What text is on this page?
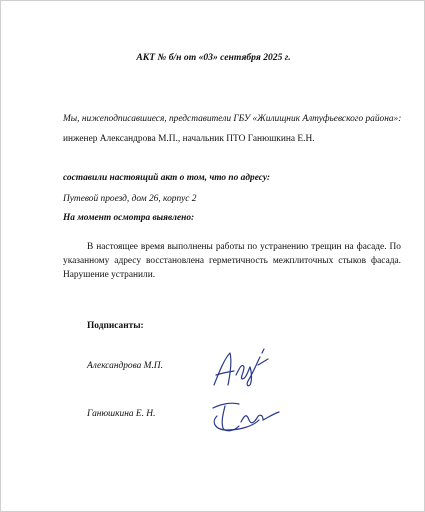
АКТ № б/н от «03» сентября 2025 г.
Мы, нижеподписавшиеся, представители ГБУ «Жилищник Алтуфьевского района»: инженер Александрова М.П., начальник ПТО Ганюшкина Е.Н.
составили настоящий акт о том, что по адресу:
Путевой проезд, дом 26, корпус 2
На момент осмотра выявлено:
В настоящее время выполнены работы по устранению трещин на фасаде. По указанному адресу восстановлена герметичность межплиточных стыков фасада. Нарушение устранили.
Подписанты:
Александрова М.П.
Ганюшкина Е. Н.
